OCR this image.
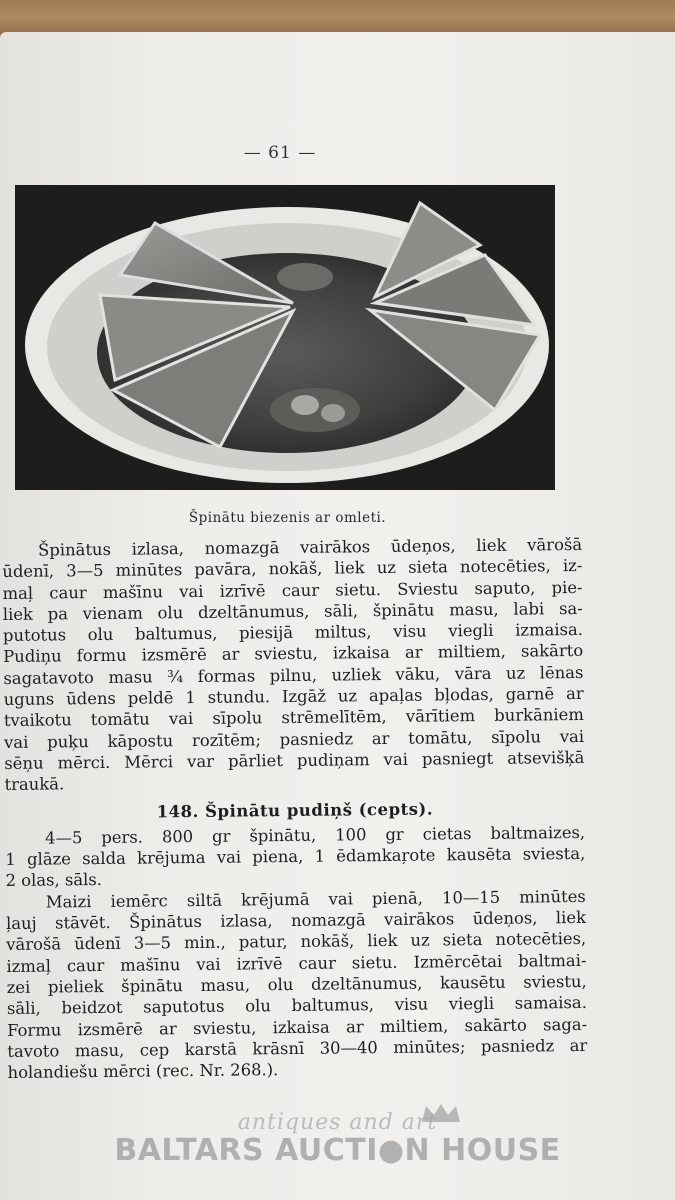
— 61 —
Špinātu biezenis ar omleti.

Špinātus izlasa, nomazgā vairākos ūdeņos, liek vārošā
ūdenī, 3—5 minūtes pavāra, nokāš, liek uz sieta notecēties, iz-
maļ caur mašīnu vai izrīvē caur sietu. Sviestu saputo, pie-
liek pa vienam olu dzeltānumus, sāli, špinātu masu, labi sa-
putotus olu baltumus, piesijā miltus, visu viegli izmaisa.
Pudiņu formu izsmērē ar sviestu, izkaisa ar miltiem, sakārto
sagatavoto masu ¾ formas pilnu, uzliek vāku, vāra uz lēnas
uguns ūdens peldē 1 stundu. Izgāž uz apaļas bļodas, garnē ar
tvaikotu tomātu vai sīpolu strēmelītēm, vārītiem burkāniem
vai puķu kāpostu rozītēm; pasniedz ar tomātu, sīpolu vai
sēņu mērci. Mērci var pārliet pudiņam vai pasniegt atsevišķā
traukā.

148. Špinātu pudiņš (cepts).

4—5 pers. 800 gr špinātu, 100 gr cietas baltmaizes,
1 glāze salda krējuma vai piena, 1 ēdamkaŗote kausēta sviesta,
2 olas, sāls.

Maizi iemērc siltā krējumā vai pienā, 10—15 minūtes
ļauj stāvēt. Špinātus izlasa, nomazgā vairākos ūdeņos, liek
vārošā ūdenī 3—5 min., patur, nokāš, liek uz sieta notecēties,
izmaļ caur mašīnu vai izrīvē caur sietu. Izmērcētai baltmai-
zei pieliek špinātu masu, olu dzeltānumus, kausētu sviestu,
sāli, beidzot saputotus olu baltumus, visu viegli samaisa.
Formu izsmērē ar sviestu, izkaisa ar miltiem, sakārto saga-
tavoto masu, cep karstā krāsnī 30—40 minūtes; pasniedz ar
holandiešu mērci (rec. Nr. 268.).

antiques and art
BALTARS AUCTI●N HOUSE
